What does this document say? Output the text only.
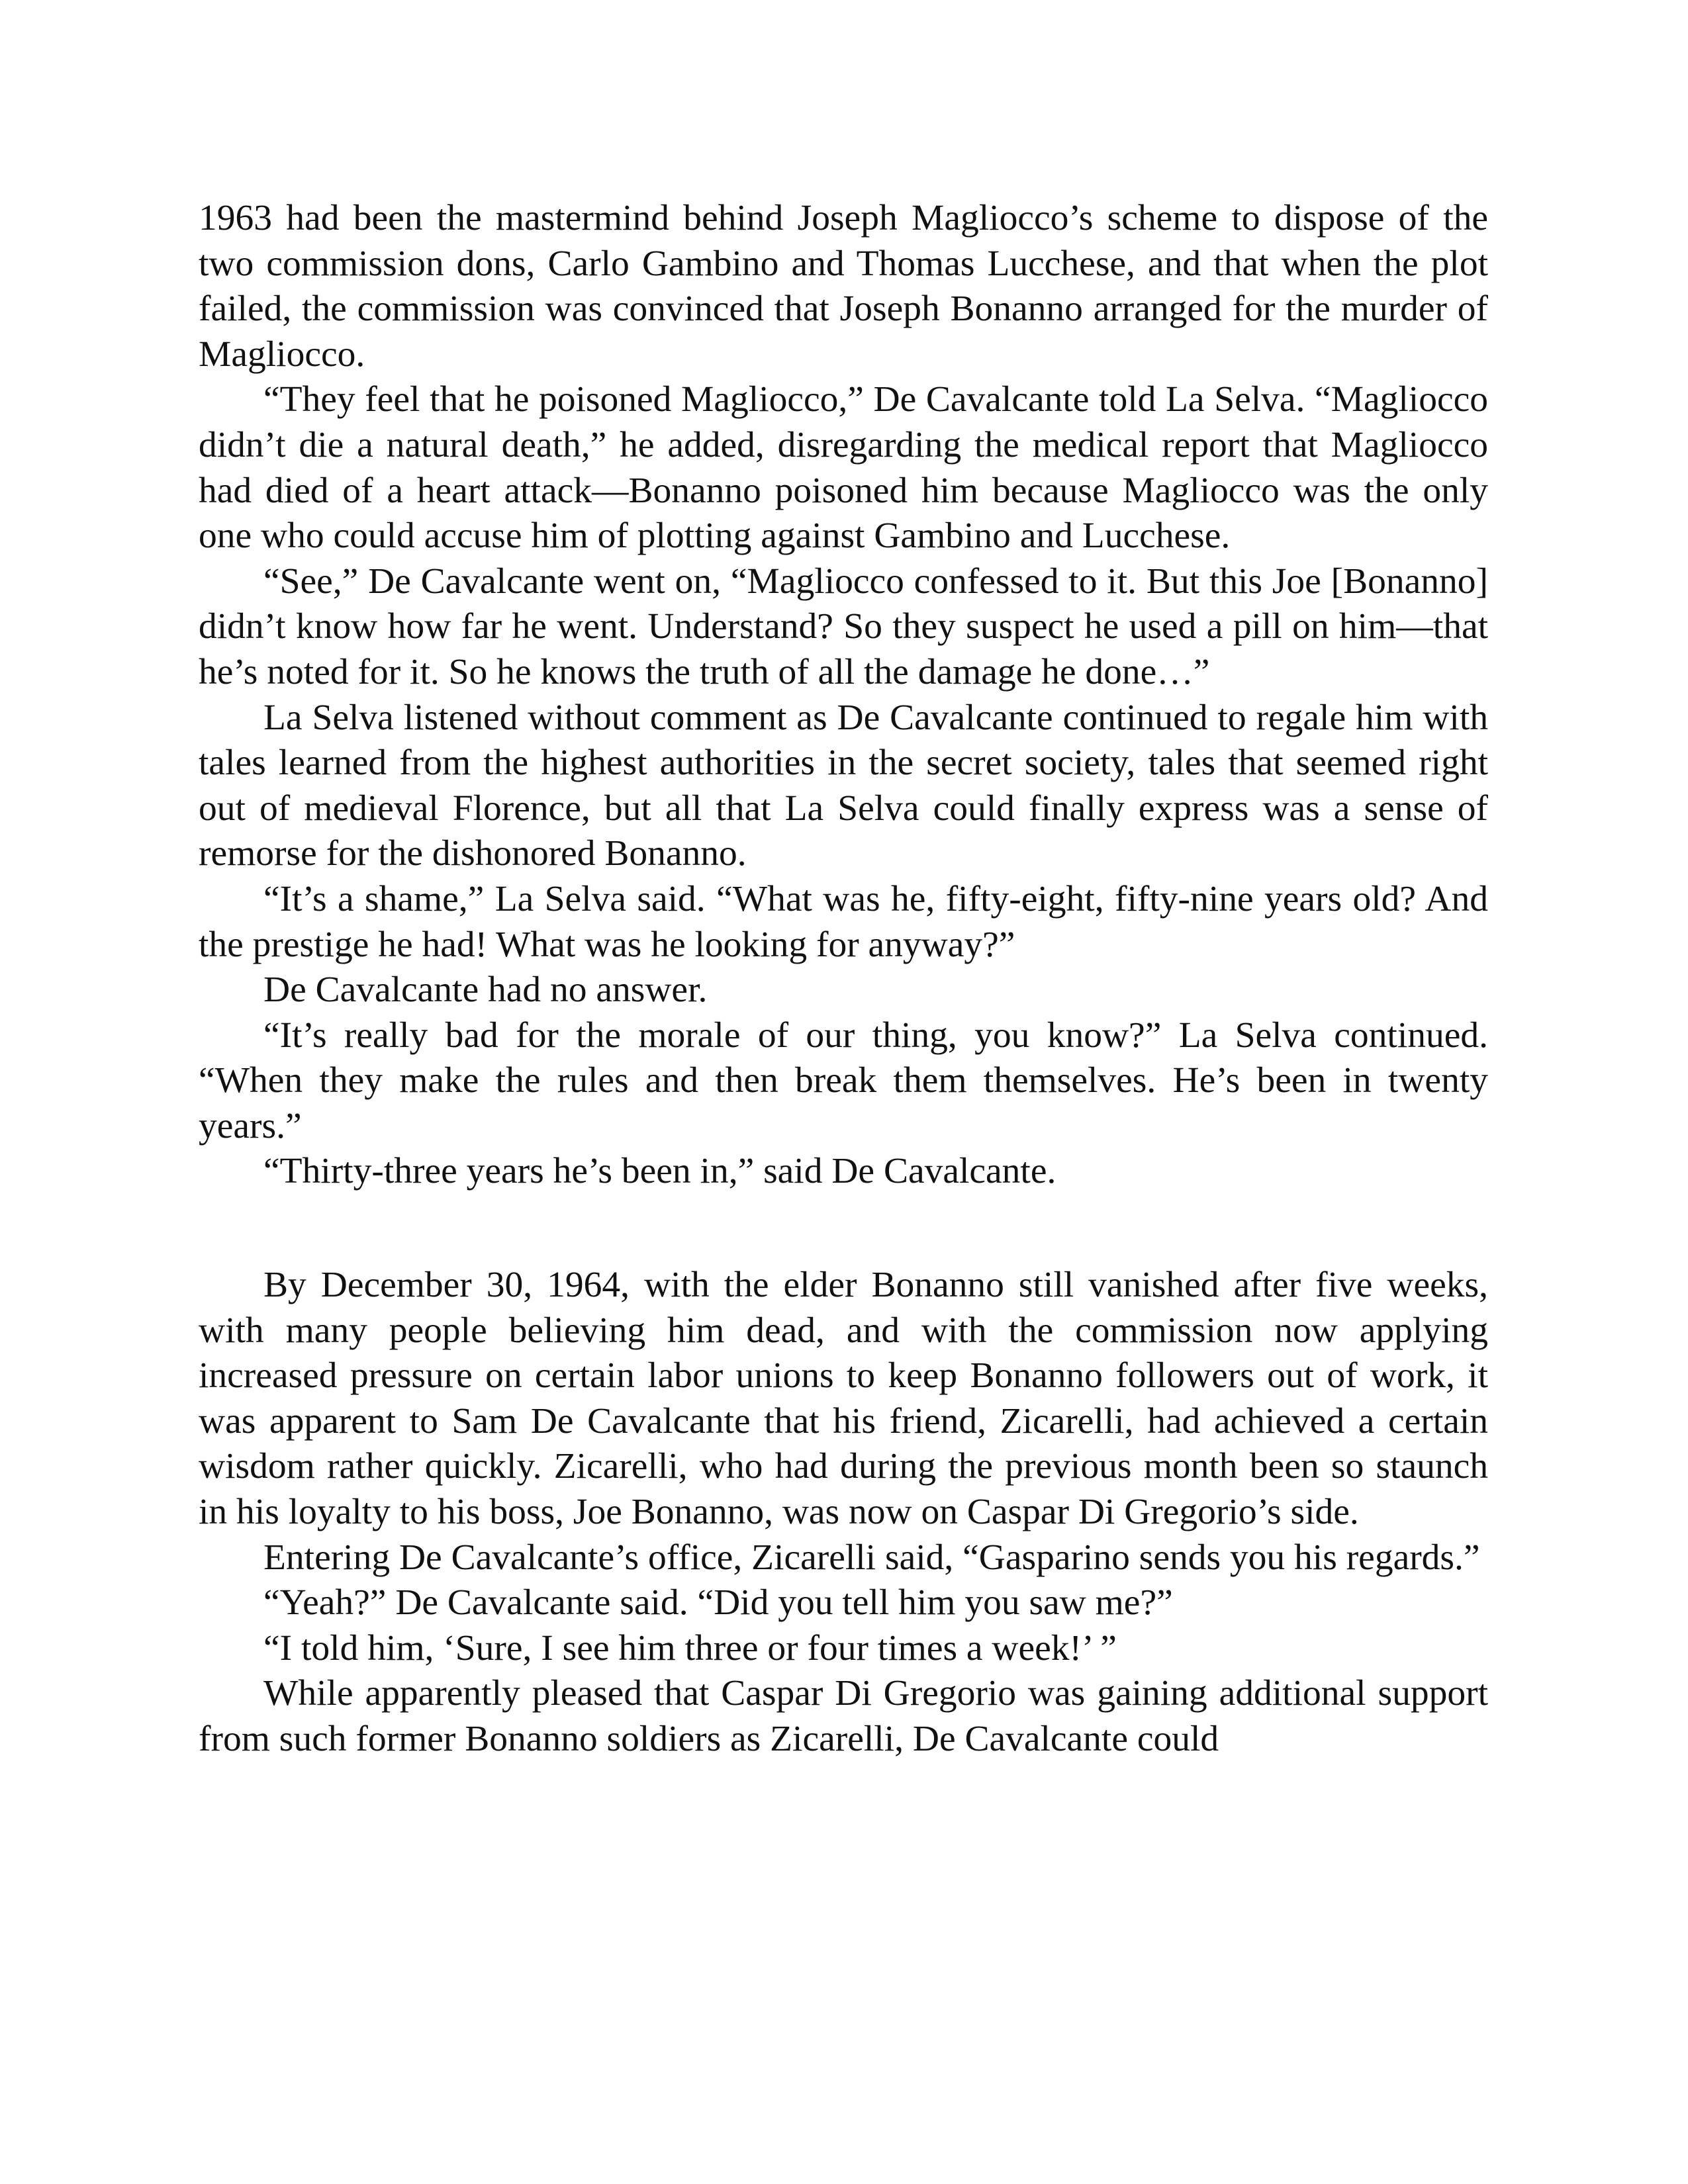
1963 had been the mastermind behind Joseph Magliocco’s scheme to dispose of the two commission dons, Carlo Gambino and Thomas Lucchese, and that when the plot failed, the commission was convinced that Joseph Bonanno arranged for the murder of Magliocco.

“They feel that he poisoned Magliocco,” De Cavalcante told La Selva. “Magliocco didn’t die a natural death,” he added, disregarding the medical report that Magliocco had died of a heart attack—Bonanno poisoned him because Magliocco was the only one who could accuse him of plotting against Gambino and Lucchese.

“See,” De Cavalcante went on, “Magliocco confessed to it. But this Joe [Bonanno] didn’t know how far he went. Understand? So they suspect he used a pill on him—that he’s noted for it. So he knows the truth of all the damage he done…”

La Selva listened without comment as De Cavalcante continued to regale him with tales learned from the highest authorities in the secret society, tales that seemed right out of medieval Florence, but all that La Selva could finally express was a sense of remorse for the dishonored Bonanno.

“It’s a shame,” La Selva said. “What was he, fifty-eight, fifty-nine years old? And the prestige he had! What was he looking for anyway?”

De Cavalcante had no answer.

“It’s really bad for the morale of our thing, you know?” La Selva continued. “When they make the rules and then break them themselves. He’s been in twenty years.”

“Thirty-three years he’s been in,” said De Cavalcante.

By December 30, 1964, with the elder Bonanno still vanished after five weeks, with many people believing him dead, and with the commission now applying increased pressure on certain labor unions to keep Bonanno followers out of work, it was apparent to Sam De Cavalcante that his friend, Zicarelli, had achieved a certain wisdom rather quickly. Zicarelli, who had during the previous month been so staunch in his loyalty to his boss, Joe Bonanno, was now on Caspar Di Gregorio’s side.

Entering De Cavalcante’s office, Zicarelli said, “Gasparino sends you his regards.”

“Yeah?” De Cavalcante said. “Did you tell him you saw me?”

“I told him, ‘Sure, I see him three or four times a week!’ ”

While apparently pleased that Caspar Di Gregorio was gaining additional support from such former Bonanno soldiers as Zicarelli, De Cavalcante could
